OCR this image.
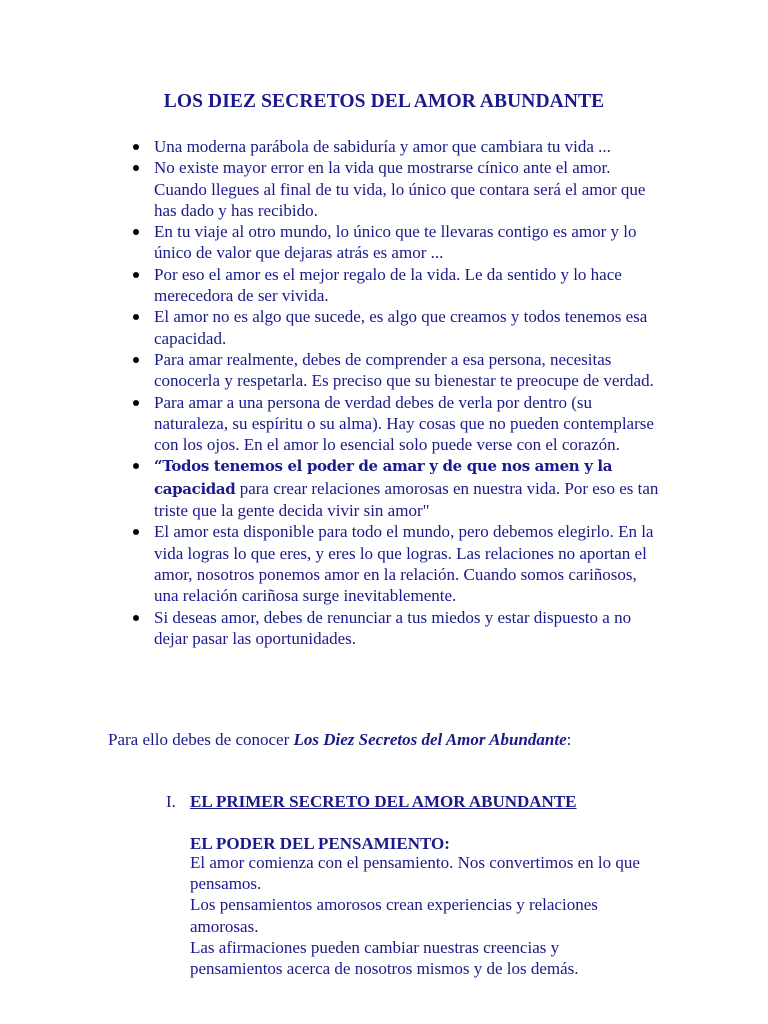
LOS DIEZ SECRETOS DEL AMOR ABUNDANTE
Una moderna parábola de sabiduría y amor que cambiara tu vida ...
No existe mayor error en la vida que mostrarse cínico ante el amor. Cuando llegues al final de tu vida, lo único que contara será el amor que has dado y has recibido.
En tu viaje al otro mundo, lo único que te llevaras contigo es amor y lo único de valor que dejaras atrás es amor ...
Por eso el amor es el mejor regalo de la vida. Le da sentido y lo hace merecedora de ser vivida.
El amor no es algo que sucede, es algo que creamos y todos tenemos esa capacidad.
Para amar realmente, debes de comprender a esa persona, necesitas conocerla y respetarla. Es preciso que su bienestar te preocupe de verdad.
Para amar a una persona de verdad debes de verla por dentro (su naturaleza, su espíritu o su alma). Hay cosas que no pueden contemplarse con los ojos. En el amor lo esencial solo puede verse con el corazón.
“Todos tenemos el poder de amar y de que nos amen y la capacidad para crear relaciones amorosas en nuestra vida. Por eso es tan triste que la gente decida vivir sin amor"
El amor esta disponible para todo el mundo, pero debemos elegirlo. En la vida logras lo que eres, y eres lo que logras. Las relaciones no aportan el amor, nosotros ponemos amor en la relación. Cuando somos cariñosos, una relación cariñosa surge inevitablemente.
Si deseas amor, debes de renunciar a tus miedos y estar dispuesto a no dejar pasar las oportunidades.

Para ello debes de conocer Los Diez Secretos del Amor Abundante:

I. EL PRIMER SECRETO DEL AMOR ABUNDANTE

EL PODER DEL PENSAMIENTO:

El amor comienza con el pensamiento. Nos convertimos en lo que pensamos.
Los pensamientos amorosos crean experiencias y relaciones amorosas.
Las afirmaciones pueden cambiar nuestras creencias y pensamientos acerca de nosotros mismos y de los demás.
